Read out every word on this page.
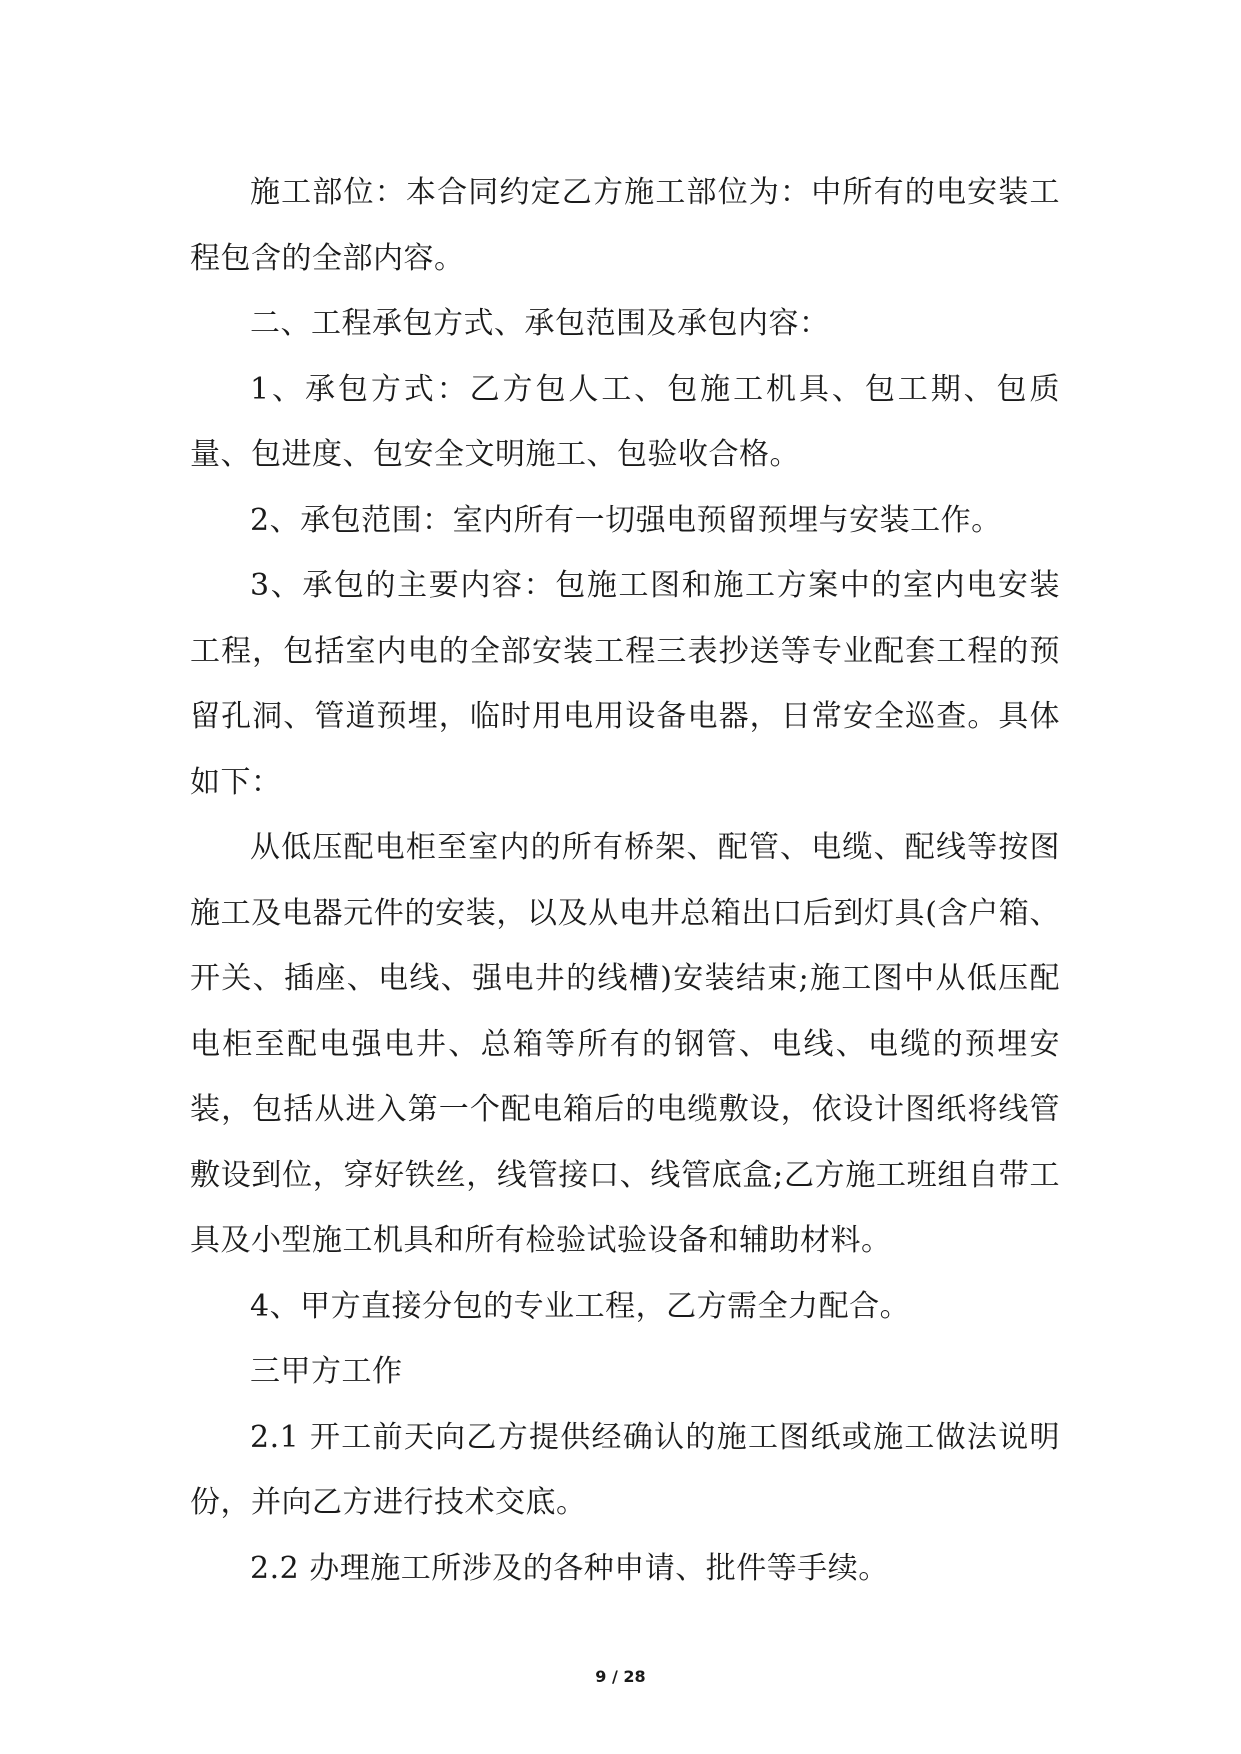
施工部位：本合同约定乙方施工部位为：中所有的电安装工程包含的全部内容。

二、工程承包方式、承包范围及承包内容：

1、承包方式：乙方包人工、包施工机具、包工期、包质量、包进度、包安全文明施工、包验收合格。

2、承包范围：室内所有一切强电预留预埋与安装工作。

3、承包的主要内容：包施工图和施工方案中的室内电安装工程，包括室内电的全部安装工程三表抄送等专业配套工程的预留孔洞、管道预埋，临时用电用设备电器，日常安全巡查。具体如下：

从低压配电柜至室内的所有桥架、配管、电缆、配线等按图施工及电器元件的安装，以及从电井总箱出口后到灯具(含户箱、开关、插座、电线、强电井的线槽)安装结束;施工图中从低压配电柜至配电强电井、总箱等所有的钢管、电线、电缆的预埋安装，包括从进入第一个配电箱后的电缆敷设，依设计图纸将线管敷设到位，穿好铁丝，线管接口、线管底盒;乙方施工班组自带工具及小型施工机具和所有检验试验设备和辅助材料。

4、甲方直接分包的专业工程，乙方需全力配合。

三甲方工作

2.1 开工前天向乙方提供经确认的施工图纸或施工做法说明份，并向乙方进行技术交底。

2.2 办理施工所涉及的各种申请、批件等手续。

9 / 28
